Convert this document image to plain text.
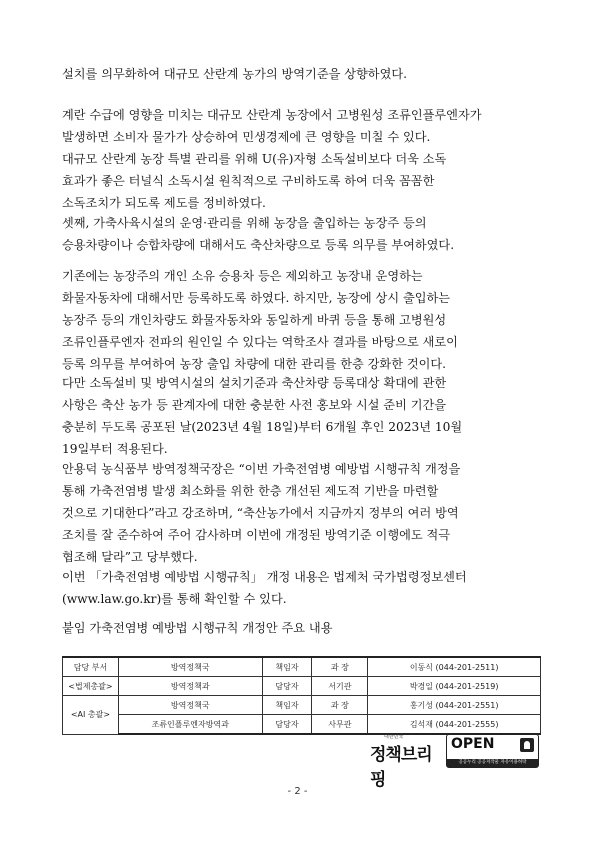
설치를 의무화하여 대규모 산란계 농가의 방역기준을 상향하였다.

계란 수급에 영향을 미치는 대규모 산란계 농장에서 고병원성 조류인플루엔자가
발생하면 소비자 물가가 상승하여 민생경제에 큰 영향을 미칠 수 있다.
대규모 산란계 농장 특별 관리를 위해 U(유)자형 소독설비보다 더욱 소독
효과가 좋은 터널식 소독시설 원칙적으로 구비하도록 하여 더욱 꼼꼼한
소독조치가 되도록 제도를 정비하였다.

셋째, 가축사육시설의 운영·관리를 위해 농장을 출입하는 농장주 등의
승용차량이나 승합차량에 대해서도 축산차량으로 등록 의무를 부여하였다.

기존에는 농장주의 개인 소유 승용차 등은 제외하고 농장내 운영하는
화물자동차에 대해서만 등록하도록 하였다. 하지만, 농장에 상시 출입하는
농장주 등의 개인차량도 화물자동차와 동일하게 바퀴 등을 통해 고병원성
조류인플루엔자 전파의 원인일 수 있다는 역학조사 결과를 바탕으로 새로이
등록 의무를 부여하여 농장 출입 차량에 대한 관리를 한층 강화한 것이다.

다만 소독설비 및 방역시설의 설치기준과 축산차량 등록대상 확대에 관한
사항은 축산 농가 등 관계자에 대한 충분한 사전 홍보와 시설 준비 기간을
충분히 두도록 공포된 날(2023년 4월 18일)부터 6개월 후인 2023년 10월
19일부터 적용된다.

안용덕 농식품부 방역정책국장은 “이번 가축전염병 예방법 시행규칙 개정을
통해 가축전염병 발생 최소화를 위한 한층 개선된 제도적 기반을 마련할
것으로 기대한다”라고 강조하며, “축산농가에서 지금까지 정부의 여러 방역
조치를 잘 준수하여 주어 감사하며 이번에 개정된 방역기준 이행에도 적극
협조해 달라”고 당부했다.

이번 「가축전염병 예방법 시행규칙」 개정 내용은 법제처 국가법령정보센터
(www.law.go.kr)를 통해 확인할 수 있다.

붙임 가축전염병 예방법 시행규칙 개정안 주요 내용
담당 부서	방역정책국	책임자	과 장	이동식 (044-201-2511)
<법제총괄>	방역정책과	담당자	서기관	박경일 (044-201-2519)
<AI 총괄>	방역정책국	책임자	과 장	홍기성 (044-201-2551)
	조류인플루엔자방역과	담당자	사무관	김석재 (044-201-2555)
대한민국
정책브리핑
OPEN
공공누리 공공저작물 자유이용허락
- 2 -
